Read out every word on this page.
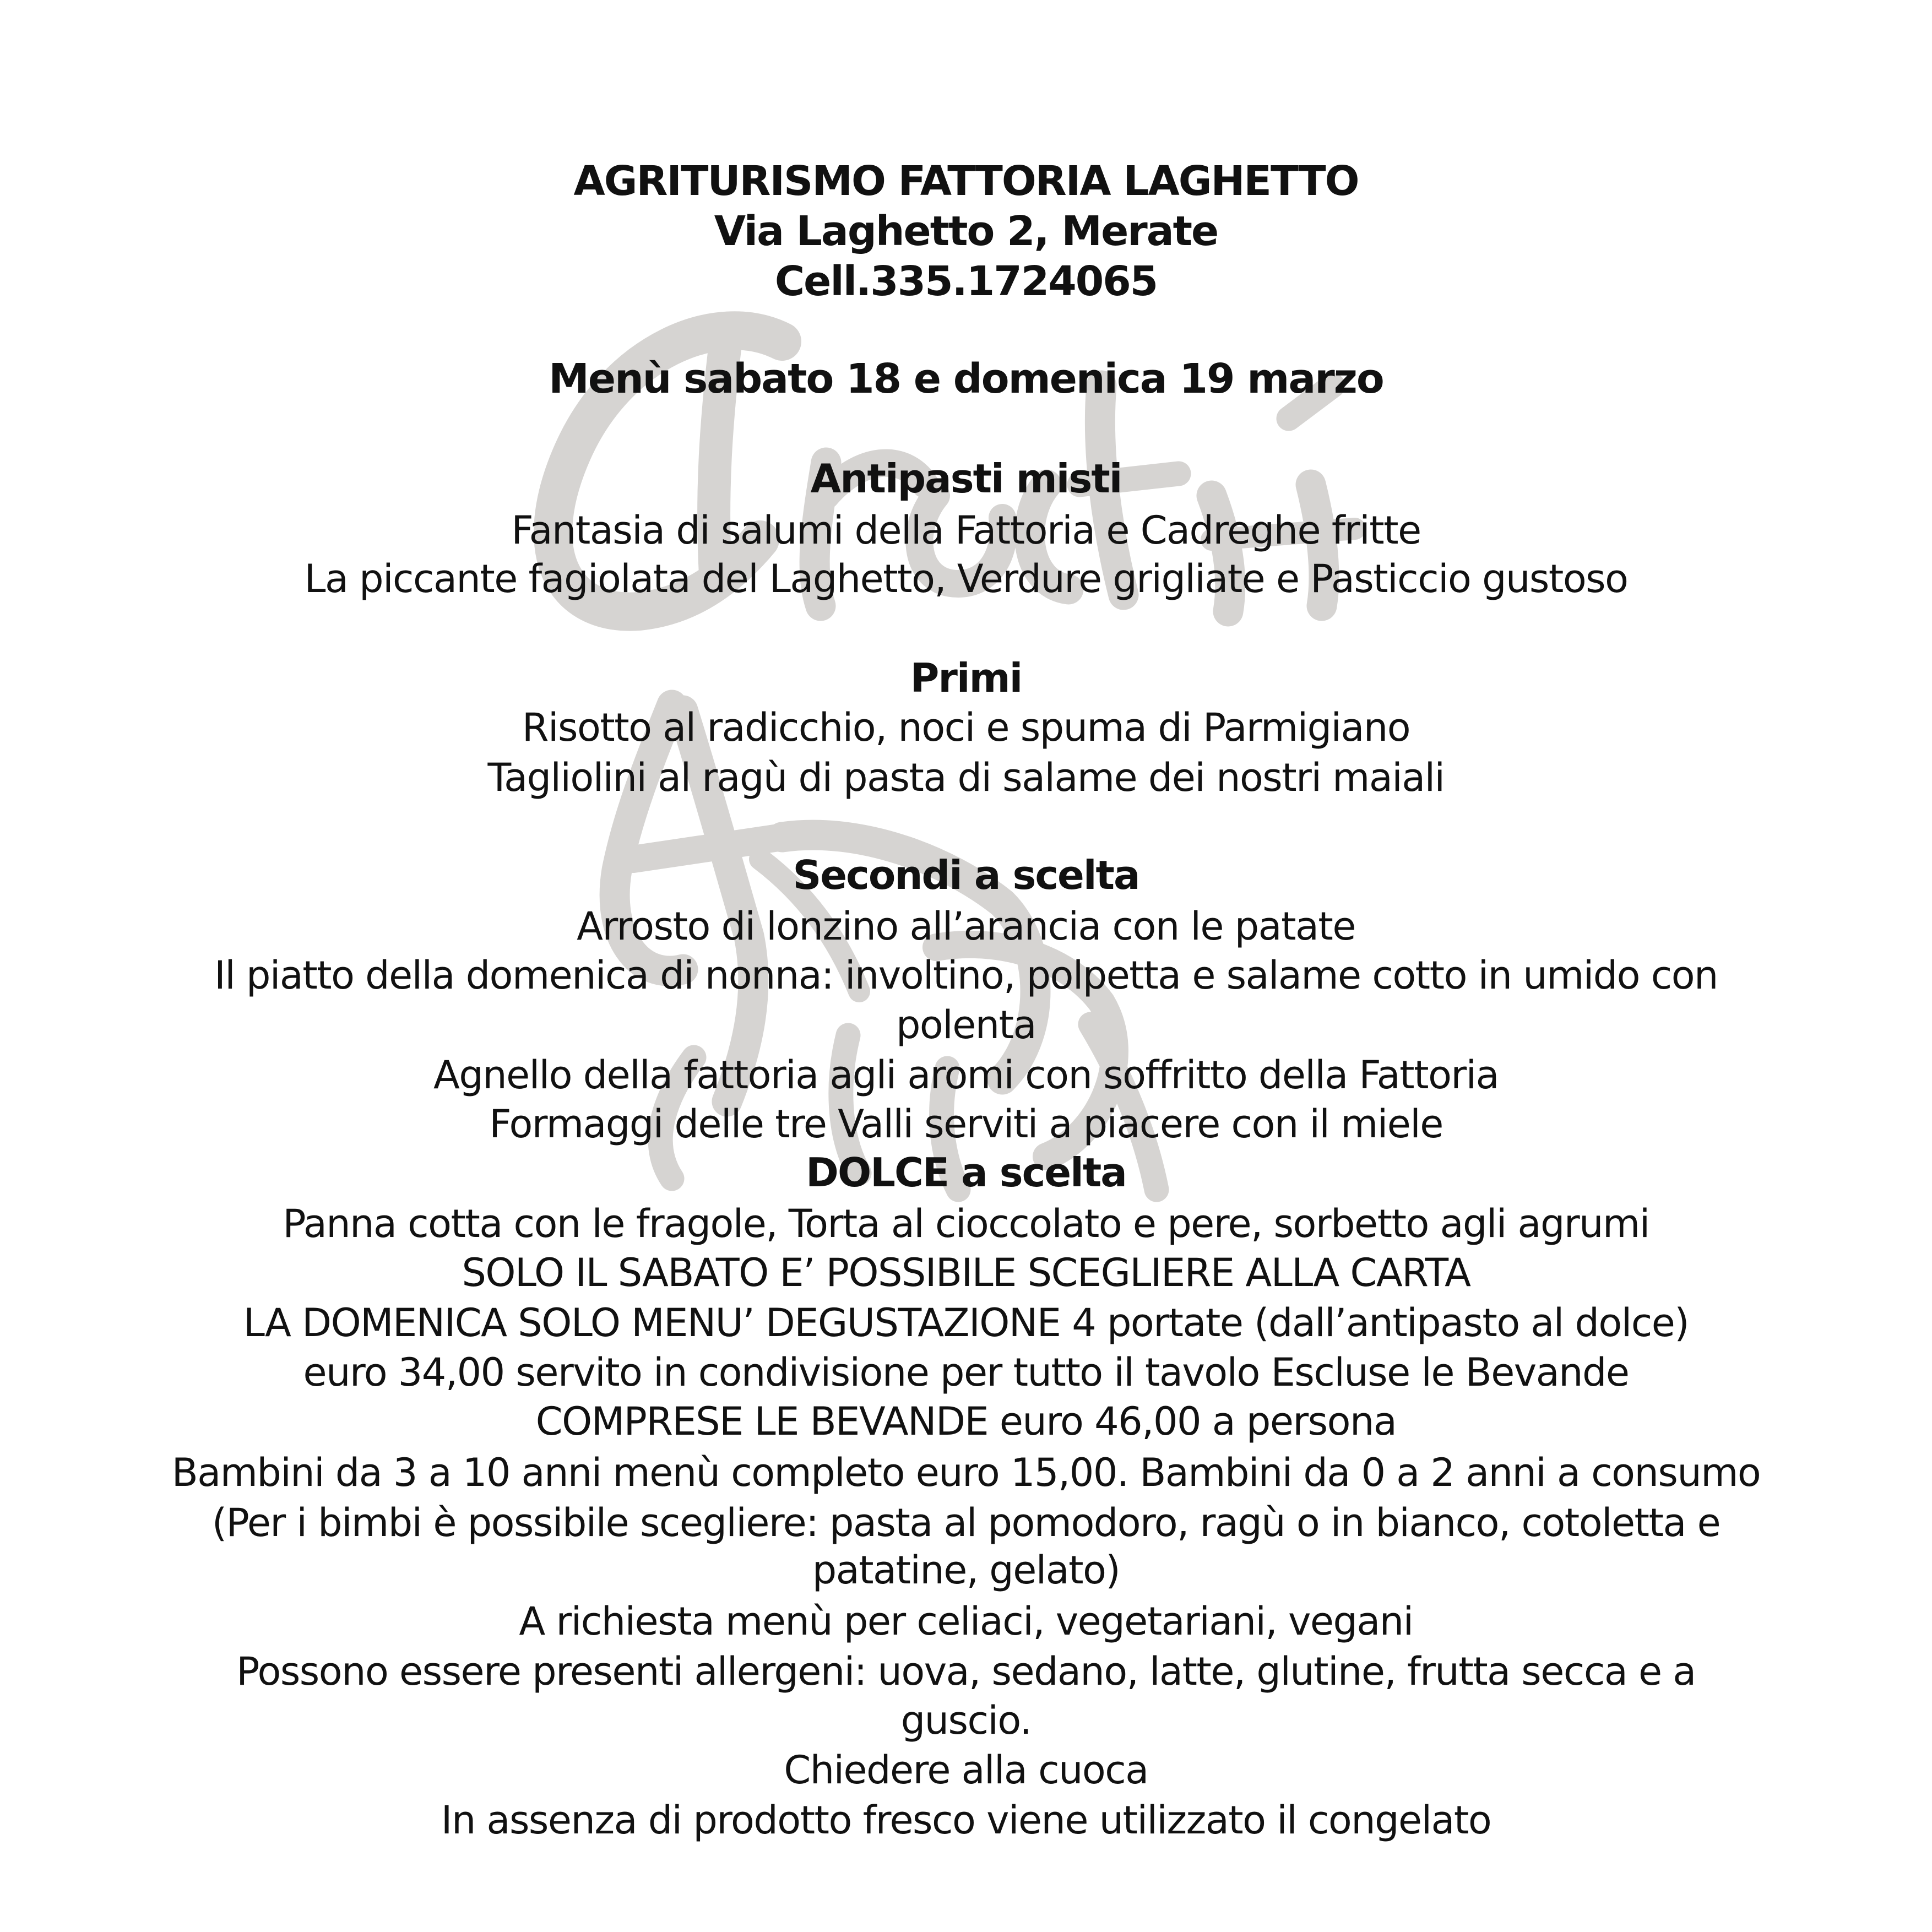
AGRITURISMO FATTORIA LAGHETTO
Via Laghetto 2, Merate
Cell.335.1724065
Menù sabato 18 e domenica 19 marzo
Antipasti misti
Fantasia di salumi della Fattoria e Cadreghe fritte
La piccante fagiolata del Laghetto, Verdure grigliate e Pasticcio gustoso
Primi
Risotto al radicchio, noci e spuma di Parmigiano
Tagliolini al ragù di pasta di salame dei nostri maiali
Secondi a scelta
Arrosto di lonzino all’arancia con le patate
Il piatto della domenica di nonna: involtino, polpetta e salame cotto in umido con
polenta
Agnello della fattoria agli aromi con soffritto della Fattoria
Formaggi delle tre Valli serviti a piacere con il miele
DOLCE a scelta
Panna cotta con le fragole, Torta al cioccolato e pere, sorbetto agli agrumi
SOLO IL SABATO E’ POSSIBILE SCEGLIERE ALLA CARTA
LA DOMENICA SOLO MENU’ DEGUSTAZIONE 4 portate (dall’antipasto al dolce)
euro 34,00 servito in condivisione per tutto il tavolo Escluse le Bevande
COMPRESE LE BEVANDE euro 46,00 a persona
Bambini da 3 a 10 anni menù completo euro 15,00. Bambini da 0 a 2 anni a consumo
(Per i bimbi è possibile scegliere: pasta al pomodoro, ragù o in bianco, cotoletta e
patatine, gelato)
A richiesta menù per celiaci, vegetariani, vegani
Possono essere presenti allergeni: uova, sedano, latte, glutine, frutta secca e a
guscio.
Chiedere alla cuoca
In assenza di prodotto fresco viene utilizzato il congelato
